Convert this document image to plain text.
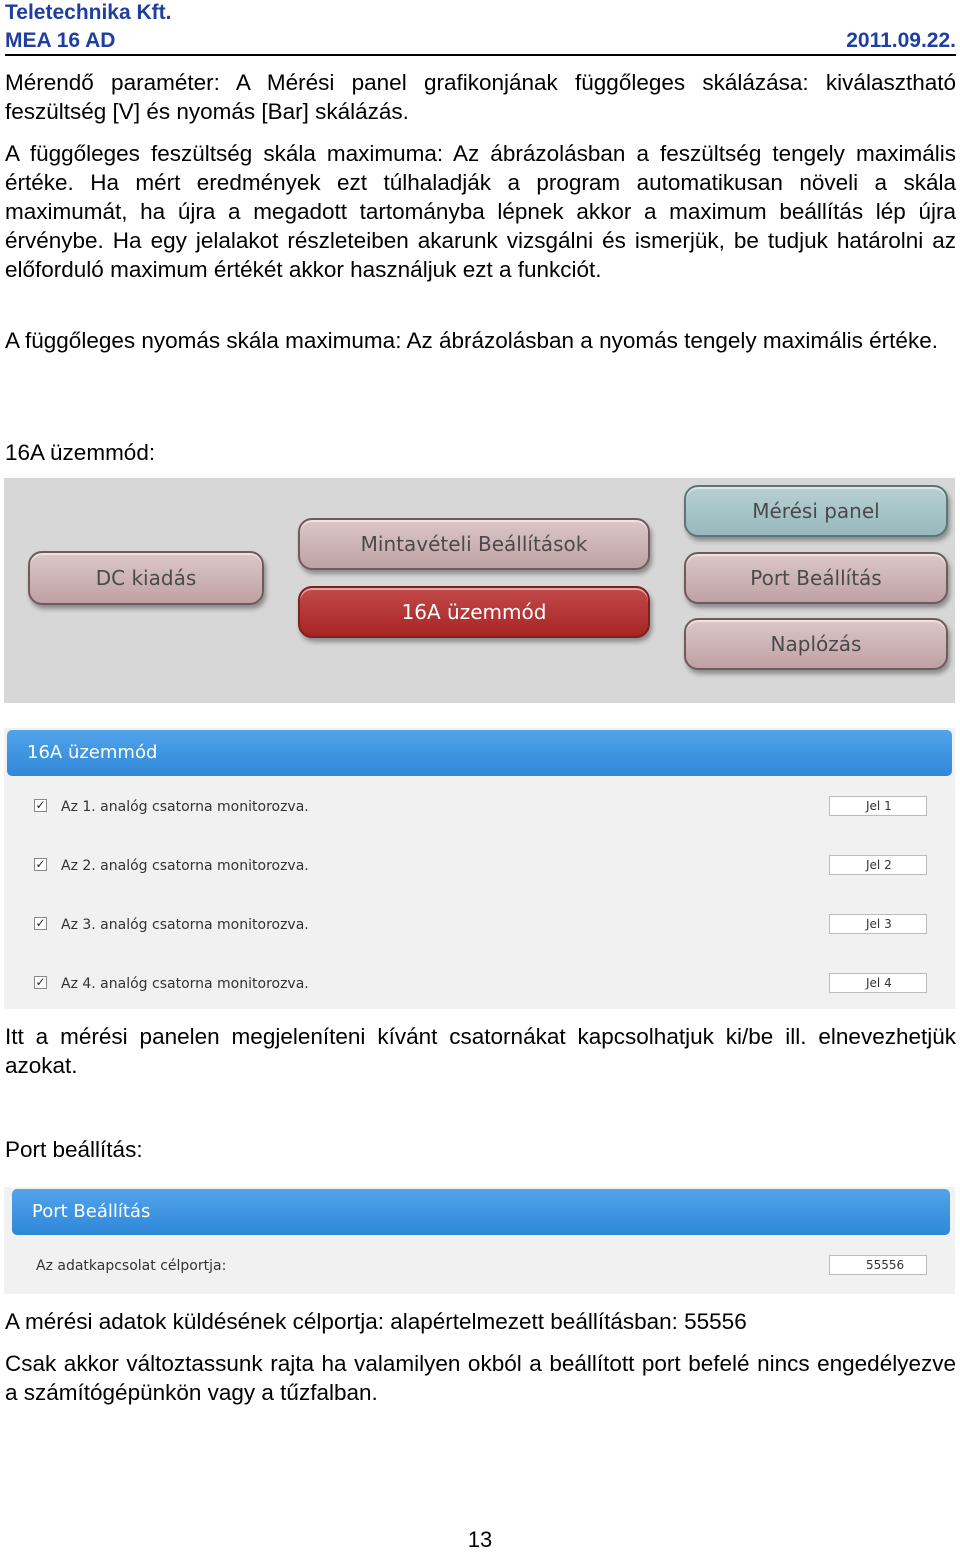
Teletechnika Kft.
MEA 16 AD	2011.09.22.

Mérendő paraméter: A Mérési panel grafikonjának függőleges skálázása: kiválasztható feszültség [V] és nyomás [Bar] skálázás.

A függőleges feszültség skála maximuma: Az ábrázolásban a feszültség tengely maximális értéke. Ha mért eredmények ezt túlhaladják a program automatikusan növeli a skála maximumát, ha újra a megadott tartományba lépnek akkor a maximum beállítás lép újra érvénybe. Ha egy jelalakot részleteiben akarunk vizsgálni és ismerjük, be tudjuk határolni az előforduló maximum értékét akkor használjuk ezt a funkciót.

A függőleges nyomás skála maximuma: Az ábrázolásban a nyomás tengely maximális értéke.

16A üzemmód:

DC kiadás
Mintavételi Beállítások
16A üzemmód
Mérési panel
Port Beállítás
Naplózás
16A üzemmód
✓ Az 1. analóg csatorna monitorozva.	Jel 1
✓ Az 2. analóg csatorna monitorozva.	Jel 2
✓ Az 3. analóg csatorna monitorozva.	Jel 3
✓ Az 4. analóg csatorna monitorozva.	Jel 4

Itt a mérési panelen megjeleníteni kívánt csatornákat kapcsolhatjuk ki/be ill. elnevezhetjük azokat.

Port beállítás:

Port Beállítás
Az adatkapcsolat célportja:	55556

A mérési adatok küldésének célportja: alapértelmezett beállításban: 55556

Csak akkor változtassunk rajta ha valamilyen okból a beállított port befelé nincs engedélyezve a számítógépünkön vagy a tűzfalban.

13
